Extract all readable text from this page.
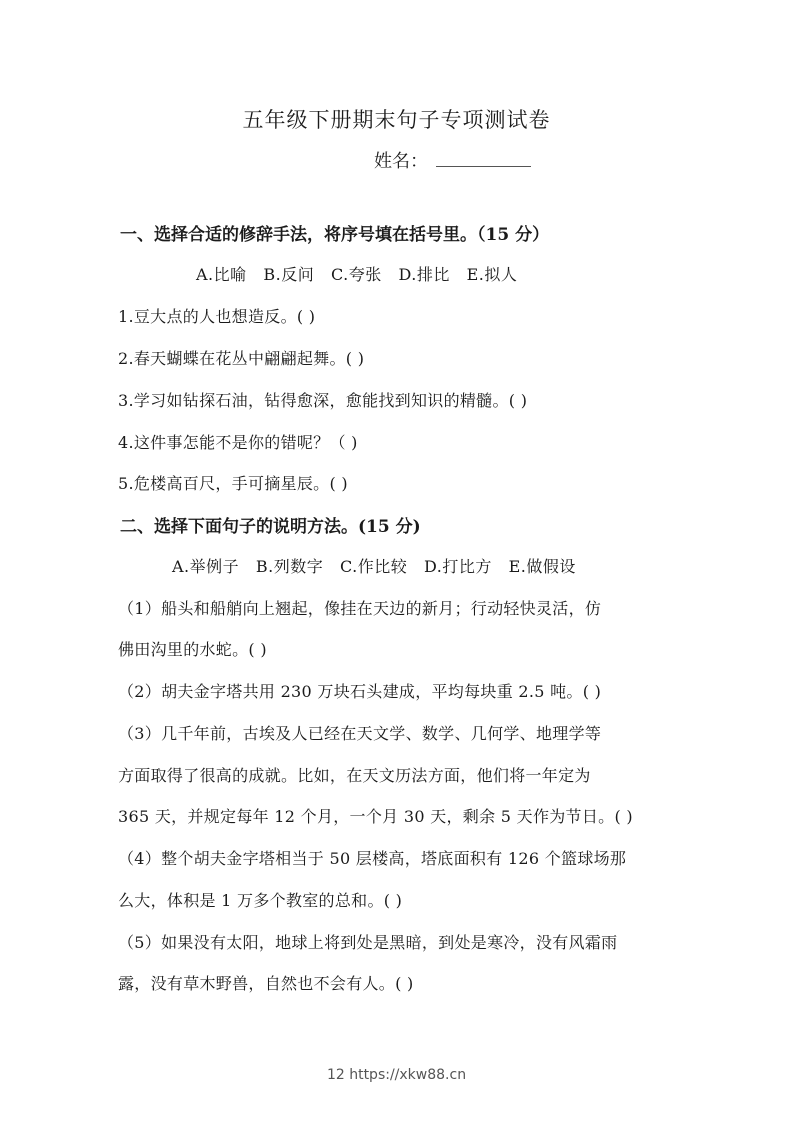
五年级下册期末句子专项测试卷
姓名：
一、选择合适的修辞手法，将序号填在括号里。（15 分）
A.比喻   B.反问   C.夸张   D.排比   E.拟人
1.豆大点的人也想造反。( )
2.春天蝴蝶在花丛中翩翩起舞。( )
3.学习如钻探石油，钻得愈深，愈能找到知识的精髓。( )
4.这件事怎能不是你的错呢？（ )
5.危楼高百尺，手可摘星辰。( )
二、选择下面句子的说明方法。(15 分)
A.举例子   B.列数字   C.作比较   D.打比方   E.做假设
（1）船头和船艄向上翘起，像挂在天边的新月；行动轻快灵活，仿
佛田沟里的水蛇。( )
（2）胡夫金字塔共用 230 万块石头建成，平均每块重 2.5 吨。( )
（3）几千年前，古埃及人已经在天文学、数学、几何学、地理学等
方面取得了很高的成就。比如，在天文历法方面，他们将一年定为
365 天，并规定每年 12 个月，一个月 30 天，剩余 5 天作为节日。( )
（4）整个胡夫金字塔相当于 50 层楼高，塔底面积有 126 个篮球场那
么大，体积是 1 万多个教室的总和。( )
（5）如果没有太阳，地球上将到处是黑暗，到处是寒冷，没有风霜雨
露，没有草木野兽，自然也不会有人。( )
12 https://xkw88.cn
